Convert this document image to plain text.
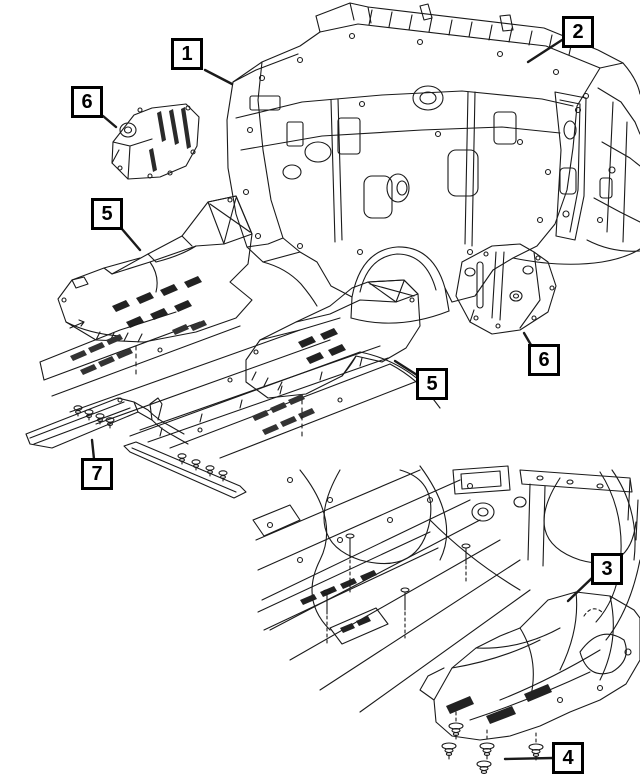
1
2
6
5
5
6
7
3
4
